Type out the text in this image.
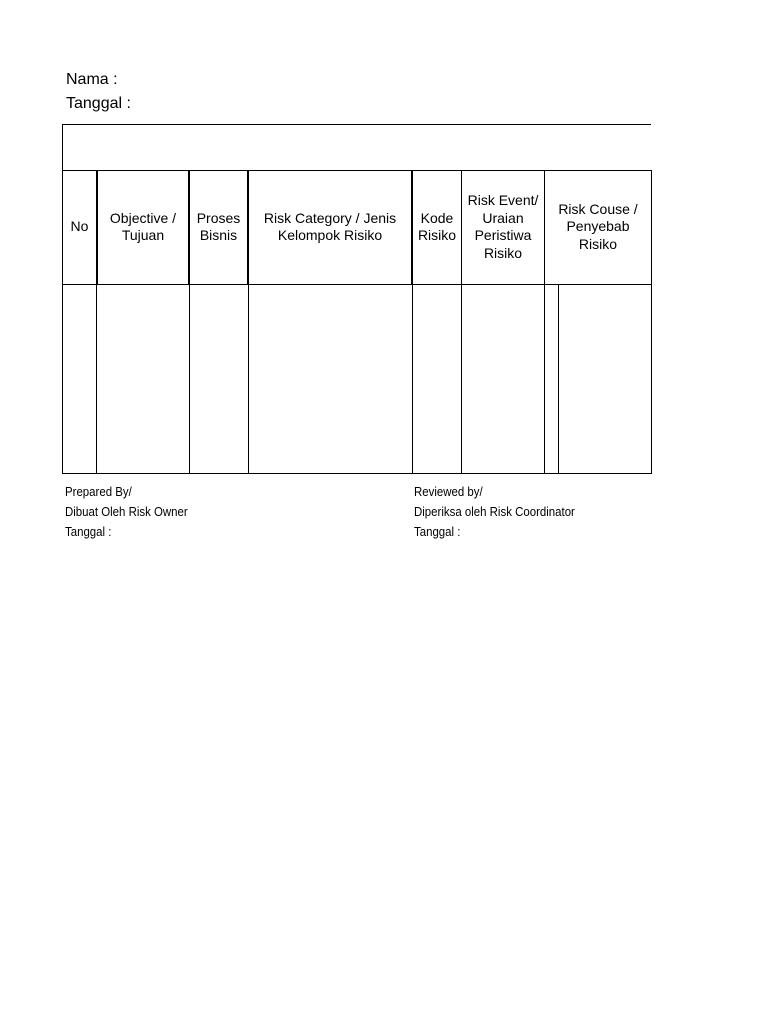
Nama :
Tanggal :
No
Objective /
Tujuan
Proses
Bisnis
Risk Category / Jenis
Kelompok Risiko
Kode
Risiko
Risk Event/
Uraian
Peristiwa
Risiko
Risk Couse /
Penyebab
Risiko
Prepared By/
Dibuat Oleh Risk Owner
Tanggal :
Reviewed by/
Diperiksa oleh Risk Coordinator
Tanggal :
